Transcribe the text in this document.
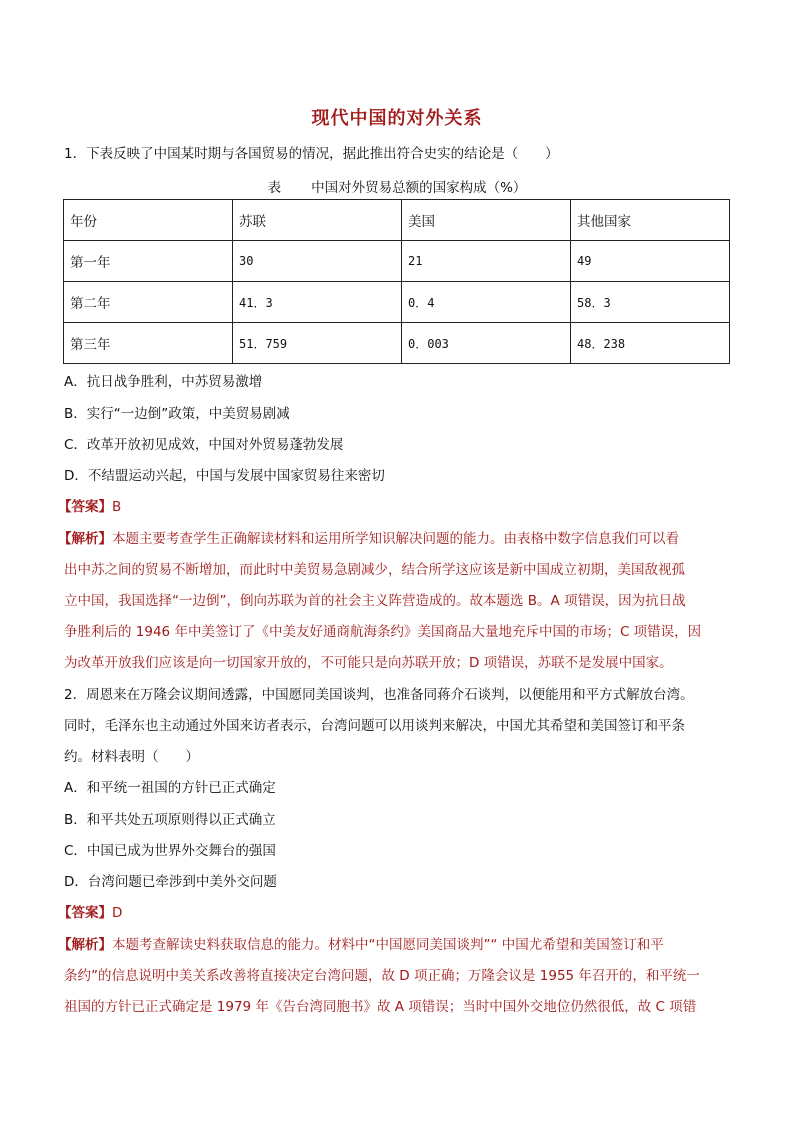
现代中国的对外关系
1．下表反映了中国某时期与各国贸易的情况，据此推出符合史实的结论是（　　）
表 中国对外贸易总额的国家构成（%）
年份	苏联	美国	其他国家
第一年	30	21	49
第二年	41．3	0．4	58．3
第三年	51．759	0．003	48．238
A．抗日战争胜利，中苏贸易激增
B．实行“一边倒”政策，中美贸易剧减
C．改革开放初见成效，中国对外贸易蓬勃发展
D．不结盟运动兴起，中国与发展中国家贸易往来密切
【答案】B
【解析】本题主要考查学生正确解读材料和运用所学知识解决问题的能力。由表格中数字信息我们可以看
出中苏之间的贸易不断增加，而此时中美贸易急剧减少，结合所学这应该是新中国成立初期，美国敌视孤
立中国，我国选择“一边倒”，倒向苏联为首的社会主义阵营造成的。故本题选 B。A 项错误，因为抗日战
争胜利后的 1946 年中美签订了《中美友好通商航海条约》美国商品大量地充斥中国的市场；C 项错误，因
为改革开放我们应该是向一切国家开放的，不可能只是向苏联开放；D 项错误，苏联不是发展中国家。
2．周恩来在万隆会议期间透露，中国愿同美国谈判，也准备同蒋介石谈判，以便能用和平方式解放台湾。
同时，毛泽东也主动通过外国来访者表示，台湾问题可以用谈判来解决，中国尤其希望和美国签订和平条
约。材料表明（　　）
A．和平统一祖国的方针已正式确定
B．和平共处五项原则得以正式确立
C．中国已成为世界外交舞台的强国
D．台湾问题已牵涉到中美外交问题
【答案】D
【解析】本题考查解读史料获取信息的能力。材料中“中国愿同美国谈判”“ 中国尤希望和美国签订和平
条约”的信息说明中美关系改善将直接决定台湾问题，故 D 项正确；万隆会议是 1955 年召开的，和平统一
祖国的方针已正式确定是 1979 年《告台湾同胞书》故 A 项错误；当时中国外交地位仍然很低，故 C 项错
